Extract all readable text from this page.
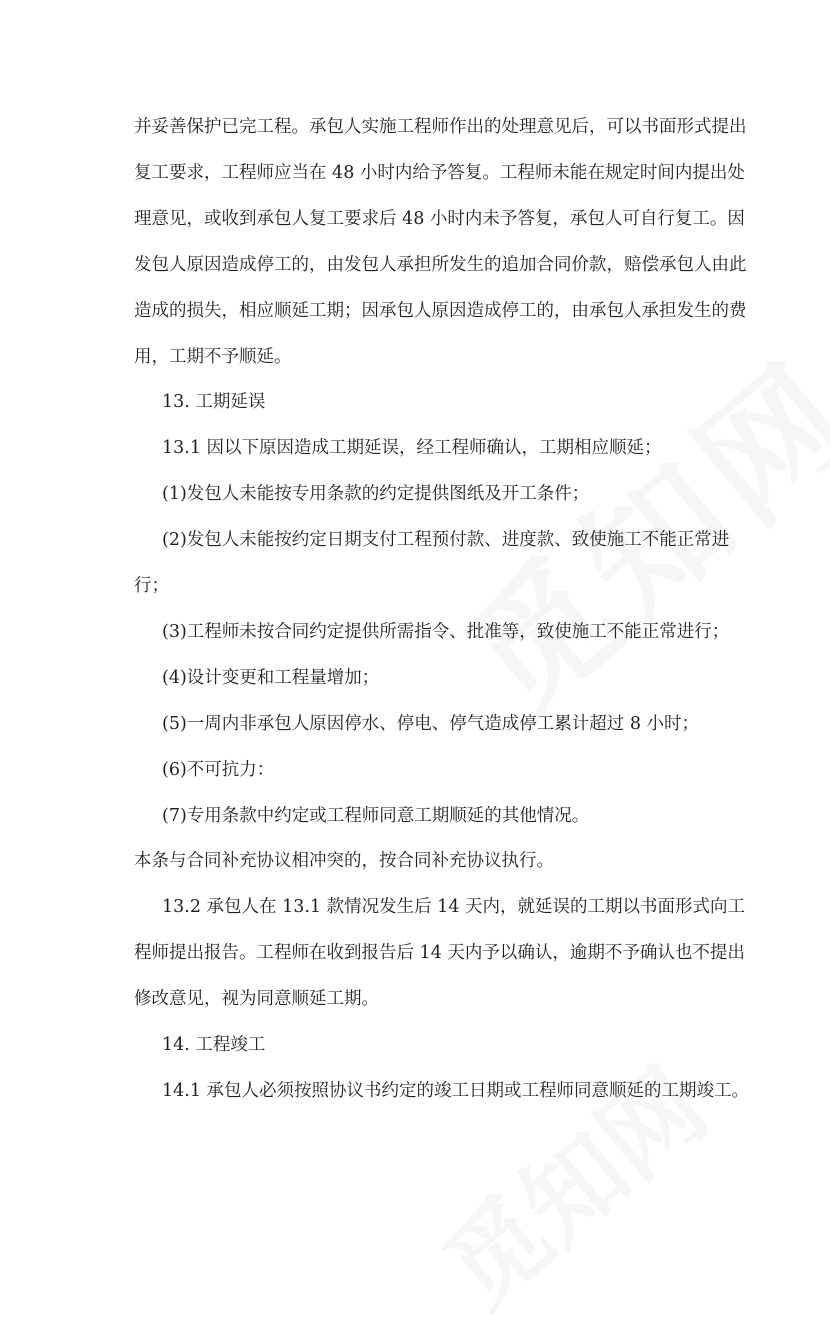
并妥善保护已完工程。承包人实施工程师作出的处理意见后，可以书面形式提出
复工要求，工程师应当在 48 小时内给予答复。工程师未能在规定时间内提出处
理意见，或收到承包人复工要求后 48 小时内未予答复，承包人可自行复工。因
发包人原因造成停工的，由发包人承担所发生的追加合同价款，赔偿承包人由此
造成的损失，相应顺延工期；因承包人原因造成停工的，由承包人承担发生的费
用，工期不予顺延。
13. 工期延误
13.1 因以下原因造成工期延误，经工程师确认，工期相应顺延；
(1)发包人未能按专用条款的约定提供图纸及开工条件；
(2)发包人未能按约定日期支付工程预付款、进度款、致使施工不能正常进
行；
(3)工程师未按合同约定提供所需指令、批准等，致使施工不能正常进行；
(4)设计变更和工程量增加；
(5)一周内非承包人原因停水、停电、停气造成停工累计超过 8 小时；
(6)不可抗力：
(7)专用条款中约定或工程师同意工期顺延的其他情况。
本条与合同补充协议相冲突的，按合同补充协议执行。
13.2 承包人在 13.1 款情况发生后 14 天内，就延误的工期以书面形式向工
程师提出报告。工程师在收到报告后 14 天内予以确认，逾期不予确认也不提出
修改意见，视为同意顺延工期。
14. 工程竣工
14.1 承包人必须按照协议书约定的竣工日期或工程师同意顺延的工期竣工。
